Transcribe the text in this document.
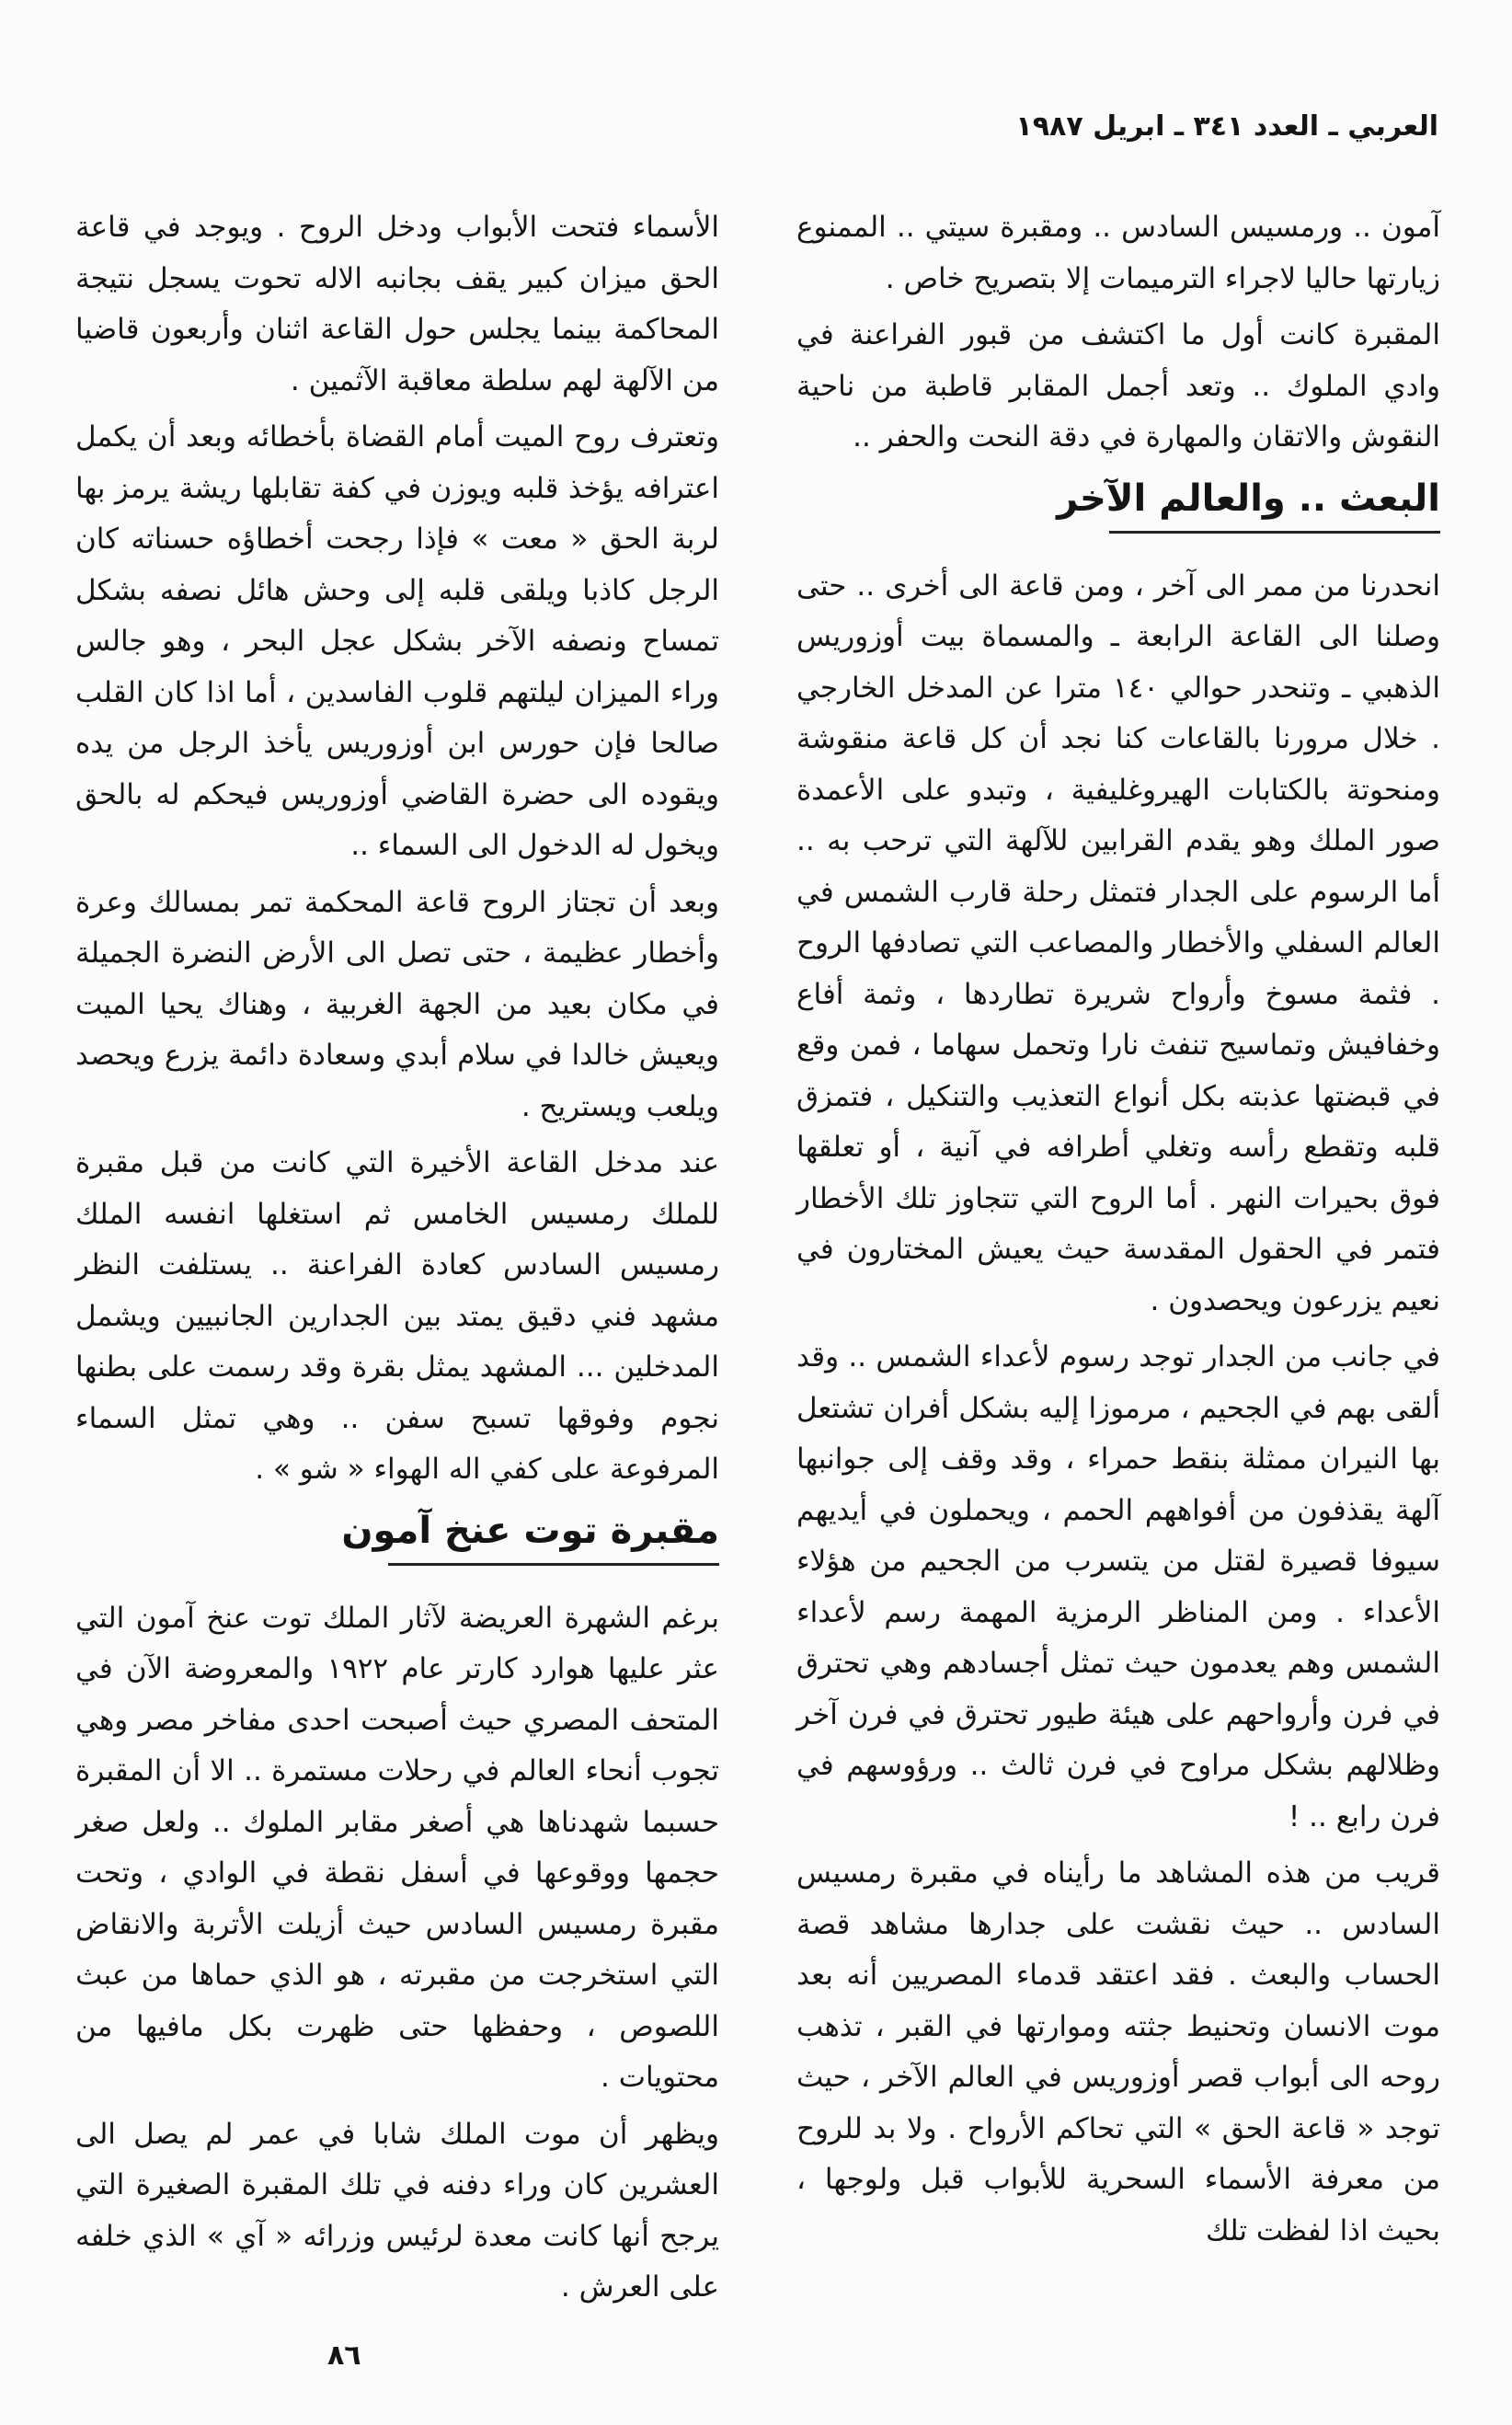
العربي ـ العدد ٣٤١ ـ ابريل ١٩٨٧

آمون .. ورمسيس السادس .. ومقبرة سيتي .. الممنوع زيارتها حاليا لاجراء الترميمات إلا بتصريح خاص .

المقبرة كانت أول ما اكتشف من قبور الفراعنة في وادي الملوك .. وتعد أجمل المقابر قاطبة من ناحية النقوش والاتقان والمهارة في دقة النحت والحفر ..

البعث .. والعالم الآخر

انحدرنا من ممر الى آخر ، ومن قاعة الى أخرى .. حتى وصلنا الى القاعة الرابعة ـ والمسماة بيت أوزوريس الذهبي ـ وتنحدر حوالي ١٤٠ مترا عن المدخل الخارجي . خلال مرورنا بالقاعات كنا نجد أن كل قاعة منقوشة ومنحوتة بالكتابات الهيروغليفية ، وتبدو على الأعمدة صور الملك وهو يقدم القرابين للآلهة التي ترحب به .. أما الرسوم على الجدار فتمثل رحلة قارب الشمس في العالم السفلي والأخطار والمصاعب التي تصادفها الروح . فثمة مسوخ وأرواح شريرة تطاردها ، وثمة أفاع وخفافيش وتماسيح تنفث نارا وتحمل سهاما ، فمن وقع في قبضتها عذبته بكل أنواع التعذيب والتنكيل ، فتمزق قلبه وتقطع رأسه وتغلي أطرافه في آنية ، أو تعلقها فوق بحيرات النهر . أما الروح التي تتجاوز تلك الأخطار فتمر في الحقول المقدسة حيث يعيش المختارون في نعيم يزرعون ويحصدون .

في جانب من الجدار توجد رسوم لأعداء الشمس .. وقد ألقى بهم في الجحيم ، مرموزا إليه بشكل أفران تشتعل بها النيران ممثلة بنقط حمراء ، وقد وقف إلى جوانبها آلهة يقذفون من أفواههم الحمم ، ويحملون في أيديهم سيوفا قصيرة لقتل من يتسرب من الجحيم من هؤلاء الأعداء . ومن المناظر الرمزية المهمة رسم لأعداء الشمس وهم يعدمون حيث تمثل أجسادهم وهي تحترق في فرن وأرواحهم على هيئة طيور تحترق في فرن آخر وظلالهم بشكل مراوح في فرن ثالث .. ورؤوسهم في فرن رابع .. !

قريب من هذه المشاهد ما رأيناه في مقبرة رمسيس السادس .. حيث نقشت على جدارها مشاهد قصة الحساب والبعث . فقد اعتقد قدماء المصريين أنه بعد موت الانسان وتحنيط جثته وموارتها في القبر ، تذهب روحه الى أبواب قصر أوزوريس في العالم الآخر ، حيث توجد « قاعة الحق » التي تحاكم الأرواح . ولا بد للروح من معرفة الأسماء السحرية للأبواب قبل ولوجها ، بحيث اذا لفظت تلك

الأسماء فتحت الأبواب ودخل الروح . ويوجد في قاعة الحق ميزان كبير يقف بجانبه الاله تحوت يسجل نتيجة المحاكمة بينما يجلس حول القاعة اثنان وأربعون قاضيا من الآلهة لهم سلطة معاقبة الآثمين .

وتعترف روح الميت أمام القضاة بأخطائه وبعد أن يكمل اعترافه يؤخذ قلبه ويوزن في كفة تقابلها ريشة يرمز بها لربة الحق « معت » فإذا رجحت أخطاؤه حسناته كان الرجل كاذبا ويلقى قلبه إلى وحش هائل نصفه بشكل تمساح ونصفه الآخر بشكل عجل البحر ، وهو جالس وراء الميزان ليلتهم قلوب الفاسدين ، أما اذا كان القلب صالحا فإن حورس ابن أوزوريس يأخذ الرجل من يده ويقوده الى حضرة القاضي أوزوريس فيحكم له بالحق ويخول له الدخول الى السماء ..

وبعد أن تجتاز الروح قاعة المحكمة تمر بمسالك وعرة وأخطار عظيمة ، حتى تصل الى الأرض النضرة الجميلة في مكان بعيد من الجهة الغربية ، وهناك يحيا الميت ويعيش خالدا في سلام أبدي وسعادة دائمة يزرع ويحصد ويلعب ويستريح .

عند مدخل القاعة الأخيرة التي كانت من قبل مقبرة للملك رمسيس الخامس ثم استغلها انفسه الملك رمسيس السادس كعادة الفراعنة .. يستلفت النظر مشهد فني دقيق يمتد بين الجدارين الجانبيين ويشمل المدخلين ... المشهد يمثل بقرة وقد رسمت على بطنها نجوم وفوقها تسبح سفن .. وهي تمثل السماء المرفوعة على كفي اله الهواء « شو » .

مقبرة توت عنخ آمون

برغم الشهرة العريضة لآثار الملك توت عنخ آمون التي عثر عليها هوارد كارتر عام ١٩٢٢ والمعروضة الآن في المتحف المصري حيث أصبحت احدى مفاخر مصر وهي تجوب أنحاء العالم في رحلات مستمرة .. الا أن المقبرة حسبما شهدناها هي أصغر مقابر الملوك .. ولعل صغر حجمها ووقوعها في أسفل نقطة في الوادي ، وتحت مقبرة رمسيس السادس حيث أزيلت الأتربة والانقاض التي استخرجت من مقبرته ، هو الذي حماها من عبث اللصوص ، وحفظها حتى ظهرت بكل مافيها من محتويات .

ويظهر أن موت الملك شابا في عمر لم يصل الى العشرين كان وراء دفنه في تلك المقبرة الصغيرة التي يرجح أنها كانت معدة لرئيس وزرائه « آي » الذي خلفه على العرش .

٨٦
